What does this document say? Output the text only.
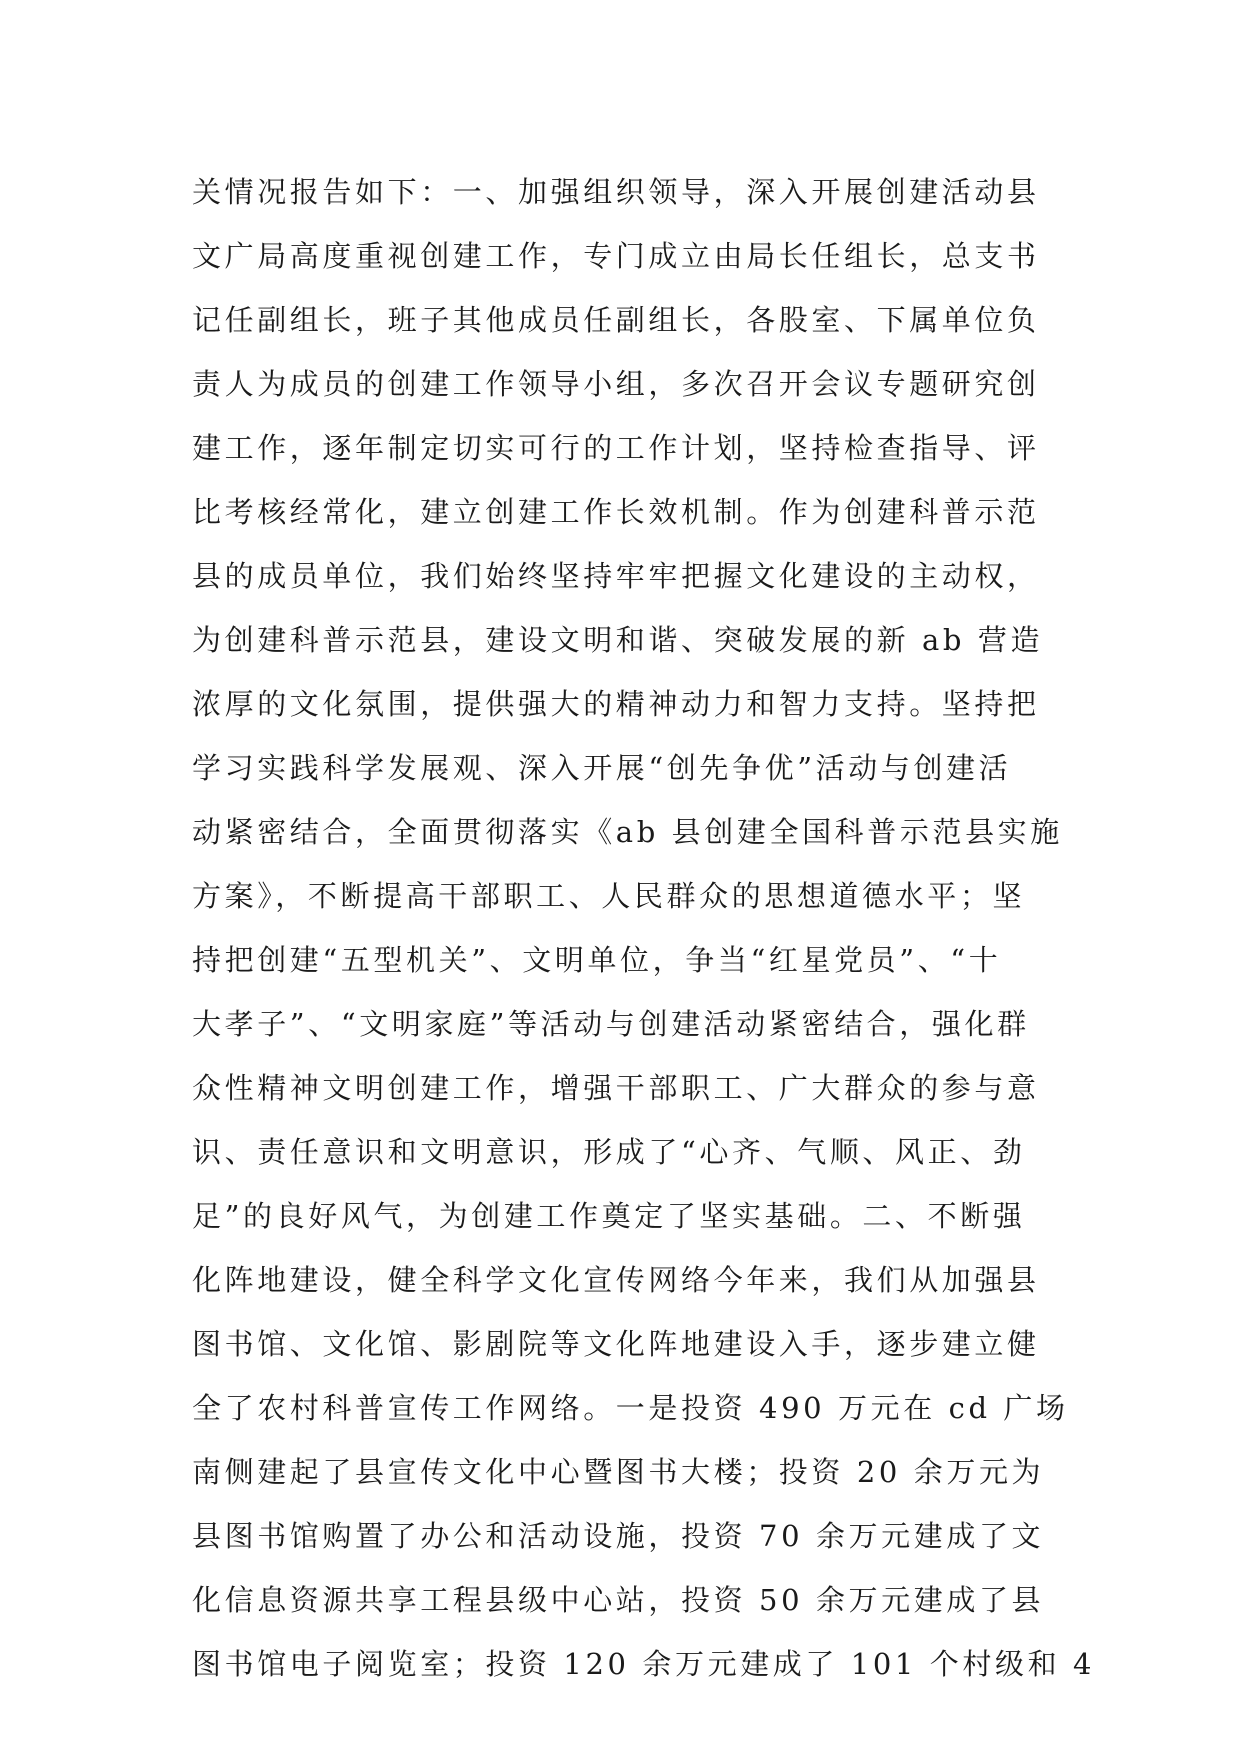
关情况报告如下：一、加强组织领导，深入开展创建活动县
文广局高度重视创建工作，专门成立由局长任组长，总支书
记任副组长，班子其他成员任副组长，各股室、下属单位负
责人为成员的创建工作领导小组，多次召开会议专题研究创
建工作，逐年制定切实可行的工作计划，坚持检查指导、评
比考核经常化，建立创建工作长效机制。作为创建科普示范
县的成员单位，我们始终坚持牢牢把握文化建设的主动权，
为创建科普示范县，建设文明和谐、突破发展的新 ab 营造
浓厚的文化氛围，提供强大的精神动力和智力支持。坚持把
学习实践科学发展观、深入开展“创先争优”活动与创建活
动紧密结合，全面贯彻落实《ab 县创建全国科普示范县实施
方案》，不断提高干部职工、人民群众的思想道德水平；坚
持把创建“五型机关”、文明单位，争当“红星党员”、“十
大孝子”、“文明家庭”等活动与创建活动紧密结合，强化群
众性精神文明创建工作，增强干部职工、广大群众的参与意
识、责任意识和文明意识，形成了“心齐、气顺、风正、劲
足”的良好风气，为创建工作奠定了坚实基础。二、不断强
化阵地建设，健全科学文化宣传网络今年来，我们从加强县
图书馆、文化馆、影剧院等文化阵地建设入手，逐步建立健
全了农村科普宣传工作网络。一是投资 490 万元在 cd 广场
南侧建起了县宣传文化中心暨图书大楼；投资 20 余万元为
县图书馆购置了办公和活动设施，投资 70 余万元建成了文
化信息资源共享工程县级中心站，投资 50 余万元建成了县
图书馆电子阅览室；投资 120 余万元建成了 101 个村级和 4
